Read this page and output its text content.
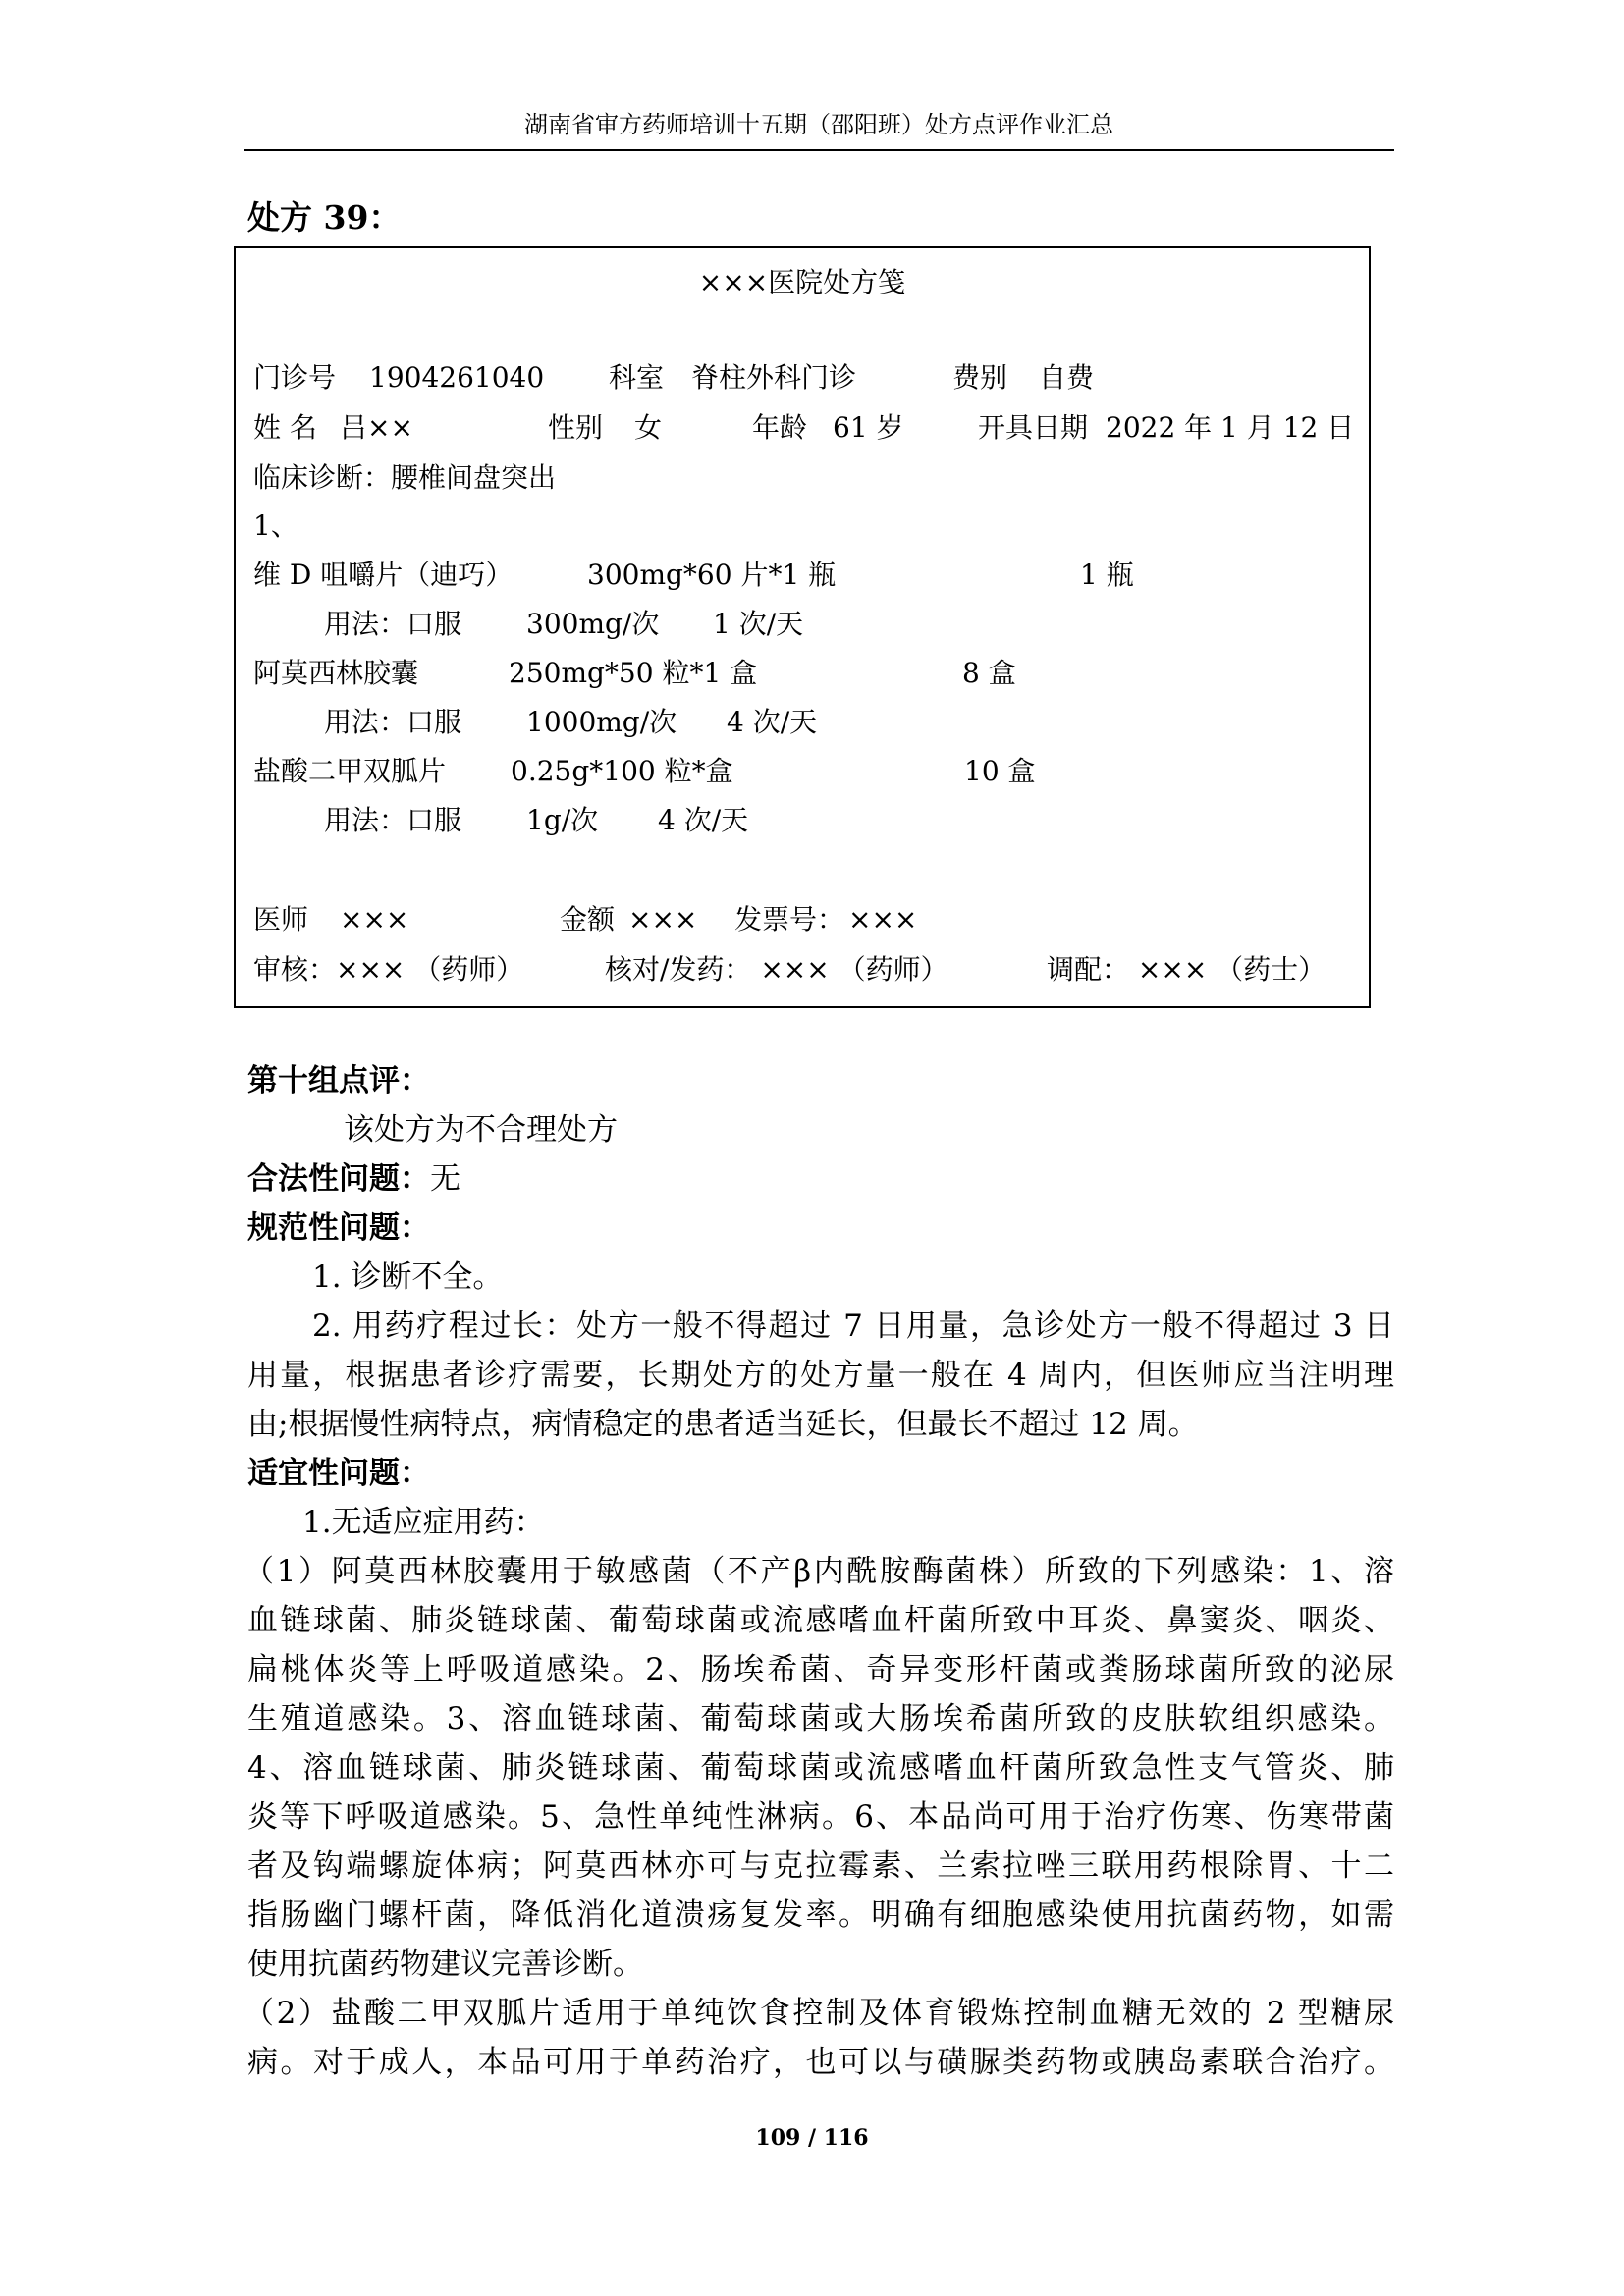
湖南省审方药师培训十五期（邵阳班）处方点评作业汇总
处方 39：
×××医院处方笺
门诊号 1904261040 科室 脊柱外科门诊	费别 自费
姓 名 吕××	性别 女	年龄 61 岁	开具日期 2022 年 1 月 12 日
临床诊断：腰椎间盘突出
1、
维 D 咀嚼片（迪巧）	300mg*60 片*1 瓶	1 瓶
用法：口服 300mg/次 1 次/天
阿莫西林胶囊	250mg*50 粒*1 盒	8 盒
用法：口服 1000mg/次 4 次/天
盐酸二甲双胍片 0.25g*100 粒*盒	10 盒
用法：口服 1g/次 4 次/天
医师 ×××	金额 ××× 发票号： ×××
审核：××× （药师）	核对/发药： ××× （药师）	调配： ××× （药士）
第十组点评：
该处方为不合理处方
合法性问题：无
规范性问题：
1. 诊断不全。
2. 用药疗程过长：处方一般不得超过 7 日用量，急诊处方一般不得超过 3 日
用量，根据患者诊疗需要，长期处方的处方量一般在 4 周内，但医师应当注明理
由;根据慢性病特点，病情稳定的患者适当延长，但最长不超过 12 周。
适宜性问题：
1.无适应症用药：
（1）阿莫西林胶囊用于敏感菌（不产β内酰胺酶菌株）所致的下列感染：1、溶
血链球菌、肺炎链球菌、葡萄球菌或流感嗜血杆菌所致中耳炎、鼻窦炎、咽炎、
扁桃体炎等上呼吸道感染。2、肠埃希菌、奇异变形杆菌或粪肠球菌所致的泌尿
生殖道感染。3、溶血链球菌、葡萄球菌或大肠埃希菌所致的皮肤软组织感染。
4、溶血链球菌、肺炎链球菌、葡萄球菌或流感嗜血杆菌所致急性支气管炎、肺
炎等下呼吸道感染。5、急性单纯性淋病。6、本品尚可用于治疗伤寒、伤寒带菌
者及钩端螺旋体病；阿莫西林亦可与克拉霉素、兰索拉唑三联用药根除胃、十二
指肠幽门螺杆菌，降低消化道溃疡复发率。明确有细胞感染使用抗菌药物，如需
使用抗菌药物建议完善诊断。
（2）盐酸二甲双胍片适用于单纯饮食控制及体育锻炼控制血糖无效的 2 型糖尿
病。对于成人，本品可用于单药治疗，也可以与磺脲类药物或胰岛素联合治疗。
109 / 116
